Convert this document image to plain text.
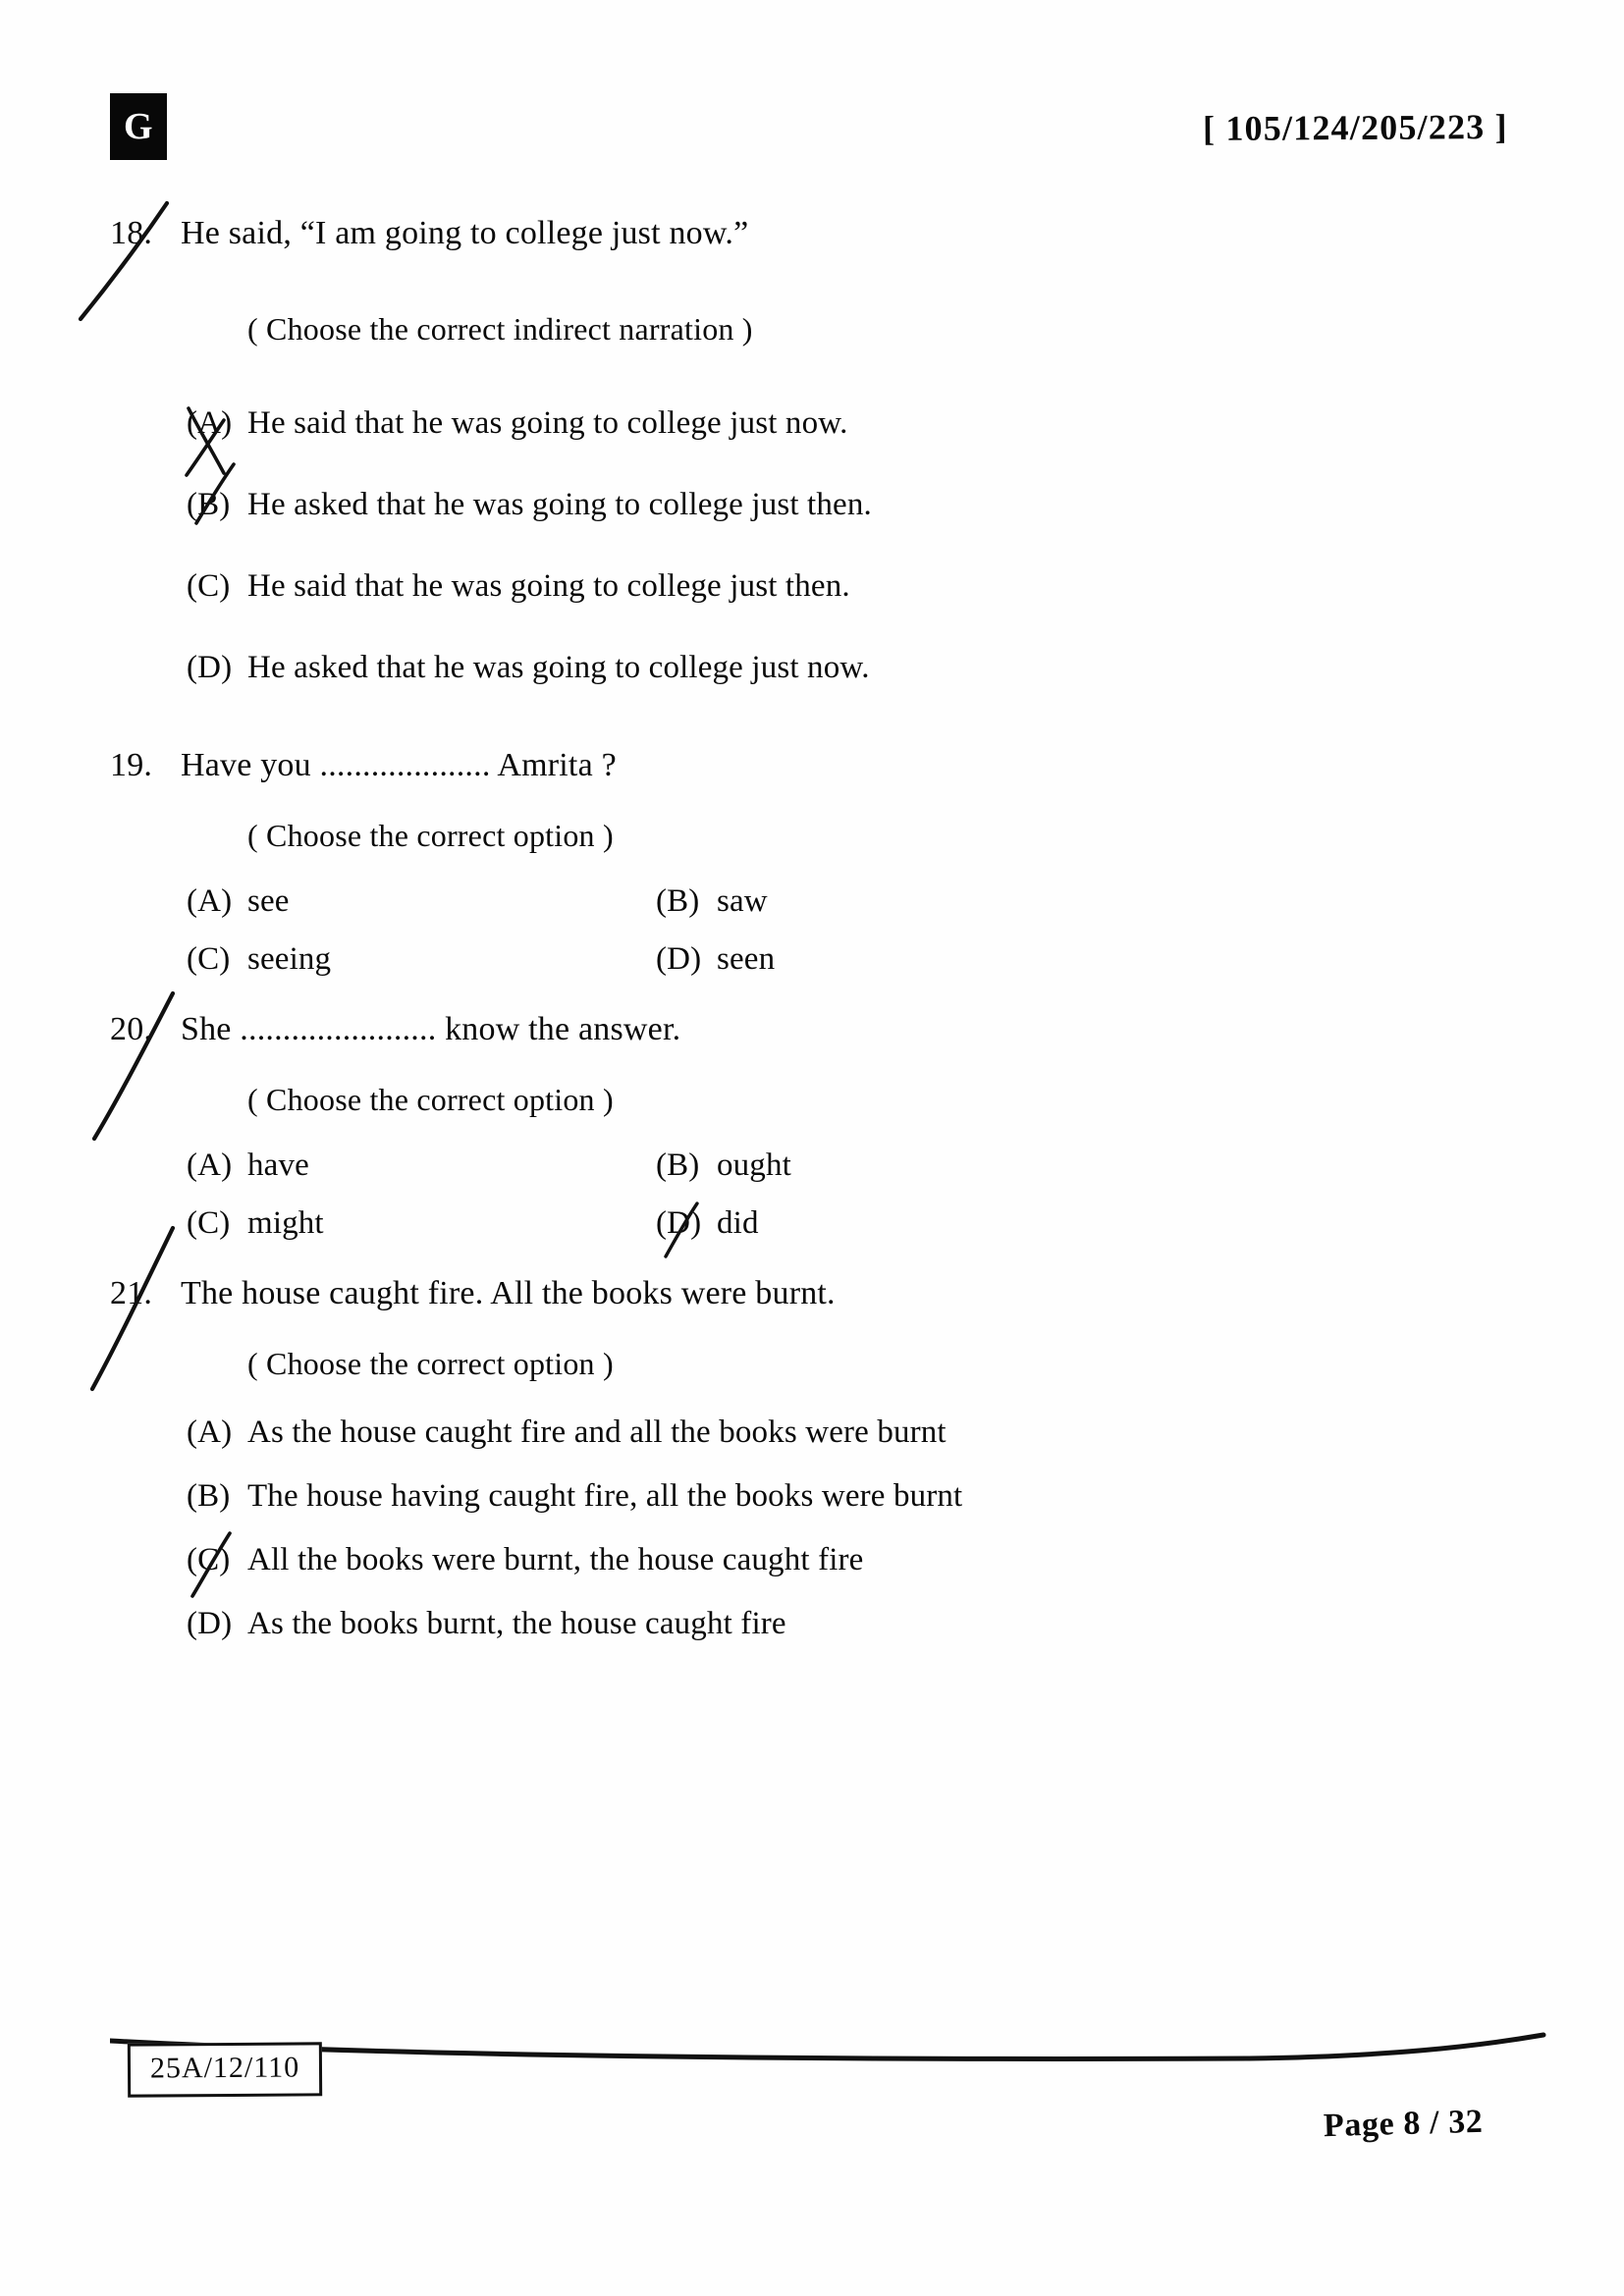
G	[ 105/124/205/223 ]
18. He said, “I am going to college just now.”
( Choose the correct indirect narration )
(A) He said that he was going to college just now.
(B) He asked that he was going to college just then.
(C) He said that he was going to college just then.
(D) He asked that he was going to college just now.
19. Have you .................... Amrita ?
( Choose the correct option )
(A) see	(B) saw
(C) seeing	(D) seen
20. She ....................... know the answer.
( Choose the correct option )
(A) have	(B) ought
(C) might	(D) did
21. The house caught fire. All the books were burnt.
( Choose the correct option )
(A) As the house caught fire and all the books were burnt
(B) The house having caught fire, all the books were burnt
(C) All the books were burnt, the house caught fire
(D) As the books burnt, the house caught fire
25A/12/110
Page 8 / 32
